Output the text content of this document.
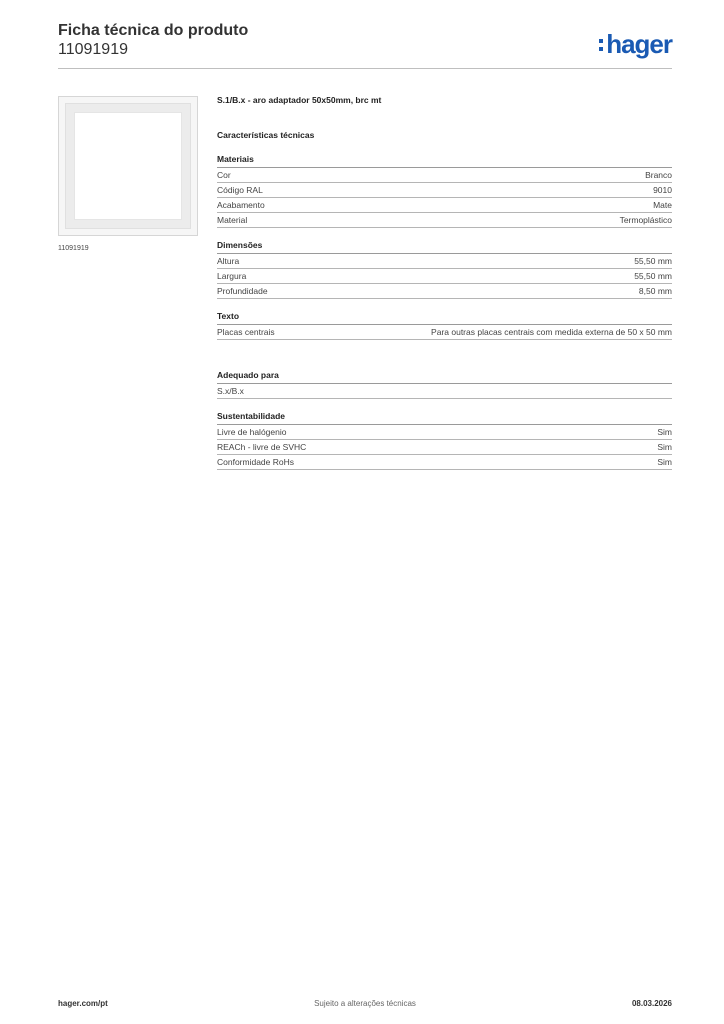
Ficha técnica do produto
11091919	hager
11091919
S.1/B.x - aro adaptador 50x50mm, brc mt
Características técnicas
Materiais
Cor	Branco
Código RAL	9010
Acabamento	Mate
Material	Termoplástico
Dimensões
Altura	55,50 mm
Largura	55,50 mm
Profundidade	8,50 mm
Texto
Placas centrais	Para outras placas centrais com medida externa de 50 x 50 mm
Adequado para
S.x/B.x
Sustentabilidade
Livre de halógenio	Sim
REACh - livre de SVHC	Sim
Conformidade RoHs	Sim
hager.com/pt	Sujeito a alterações técnicas	08.03.2026
